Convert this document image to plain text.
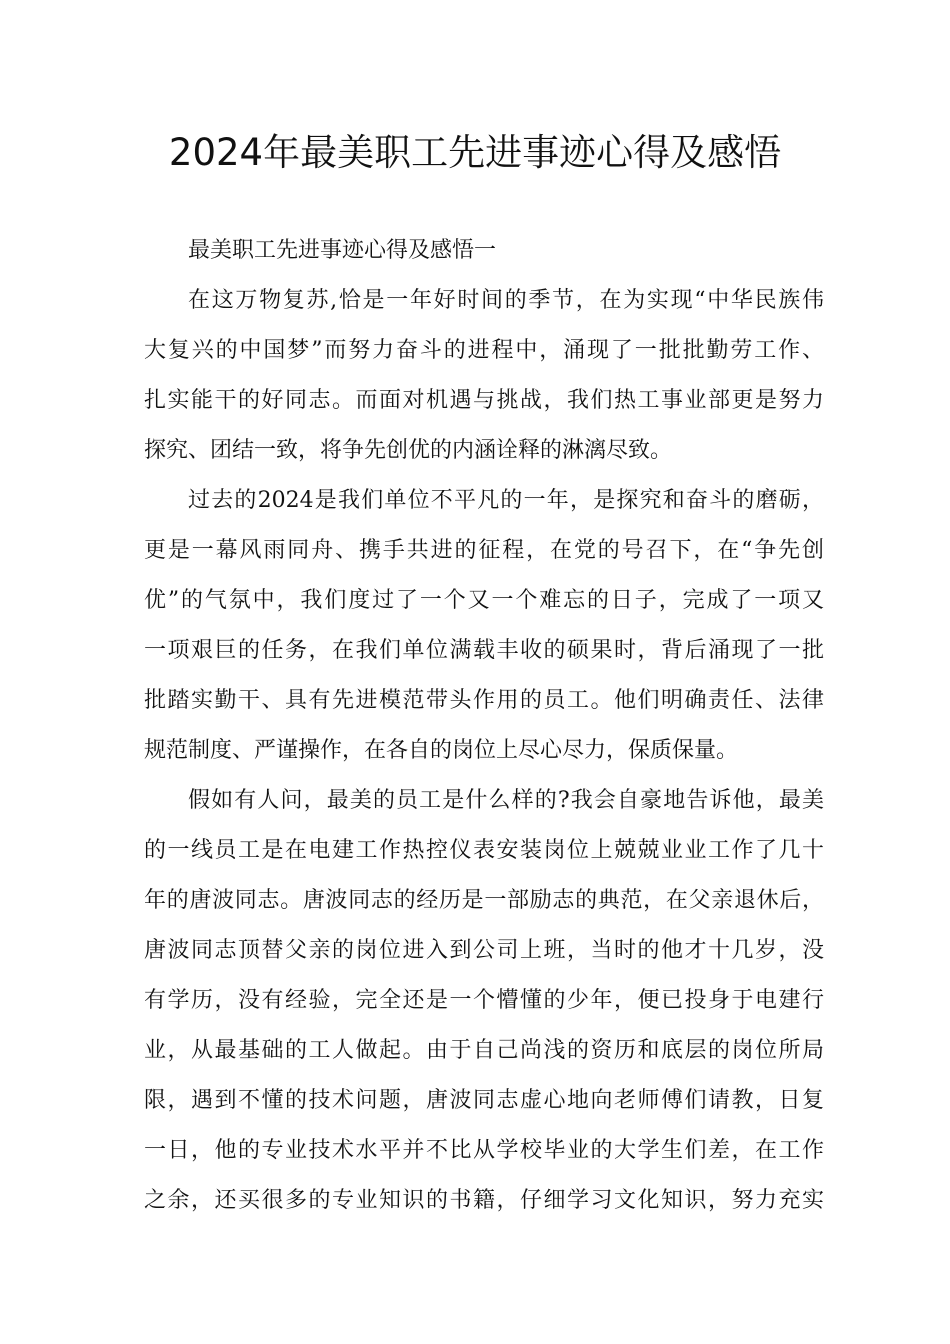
2024年最美职工先进事迹心得及感悟
最美职工先进事迹心得及感悟一
在这万物复苏,恰是一年好时间的季节，在为实现“中华民族伟
大复兴的中国梦”而努力奋斗的进程中，涌现了一批批勤劳工作、
扎实能干的好同志。而面对机遇与挑战，我们热工事业部更是努力
探究、团结一致，将争先创优的内涵诠释的淋漓尽致。
过去的2024是我们单位不平凡的一年，是探究和奋斗的磨砺，
更是一幕风雨同舟、携手共进的征程，在党的号召下，在“争先创
优”的气氛中，我们度过了一个又一个难忘的日子，完成了一项又
一项艰巨的任务，在我们单位满载丰收的硕果时，背后涌现了一批
批踏实勤干、具有先进模范带头作用的员工。他们明确责任、法律
规范制度、严谨操作，在各自的岗位上尽心尽力，保质保量。
假如有人问，最美的员工是什么样的?我会自豪地告诉他，最美
的一线员工是在电建工作热控仪表安装岗位上兢兢业业工作了几十
年的唐波同志。唐波同志的经历是一部励志的典范，在父亲退休后，
唐波同志顶替父亲的岗位进入到公司上班，当时的他才十几岁，没
有学历，没有经验，完全还是一个懵懂的少年，便已投身于电建行
业，从最基础的工人做起。由于自己尚浅的资历和底层的岗位所局
限，遇到不懂的技术问题，唐波同志虚心地向老师傅们请教，日复
一日，他的专业技术水平并不比从学校毕业的大学生们差，在工作
之余，还买很多的专业知识的书籍，仔细学习文化知识，努力充实
